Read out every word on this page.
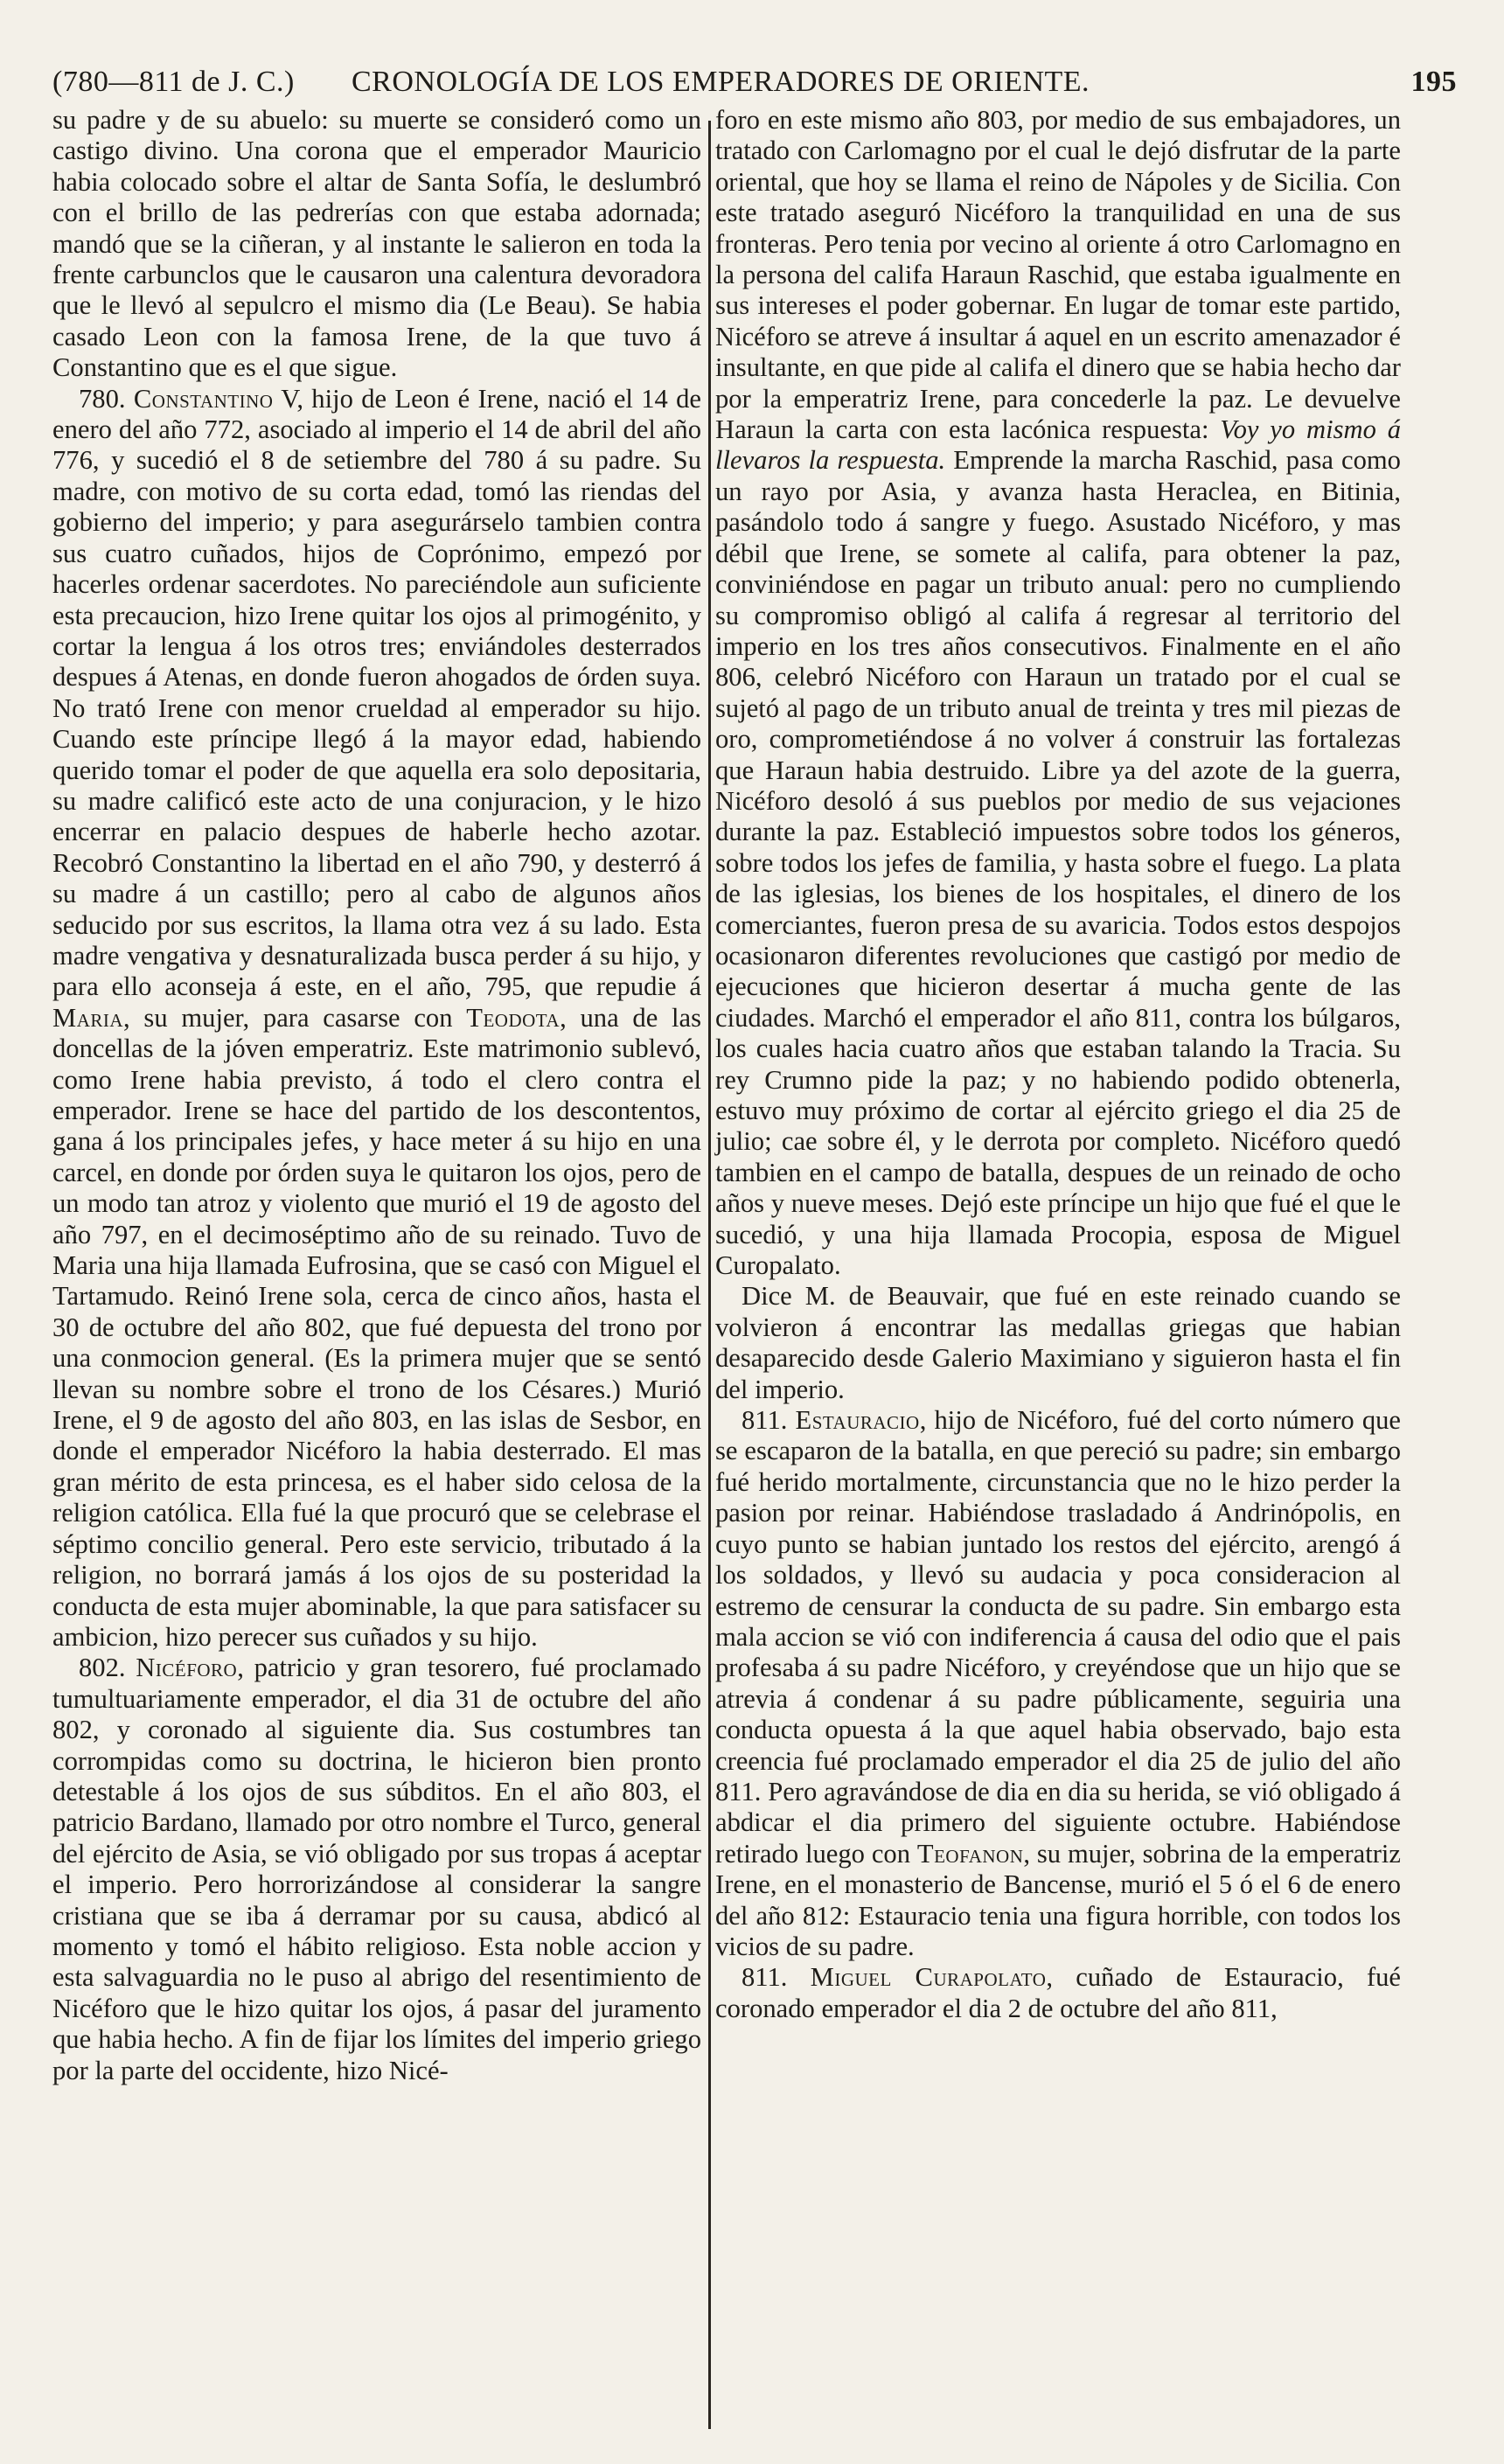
(780—811 de J. C.) CRONOLOGÍA DE LOS EMPERADORES DE ORIENTE.	195

su padre y de su abuelo: su muerte se consideró como un castigo divino. Una corona que el emperador Mauricio habia colocado sobre el altar de Santa Sofía, le deslumbró con el brillo de las pedrerías con que estaba adornada; mandó que se la ciñeran, y al instante le salieron en toda la frente carbunclos que le causaron una calentura devoradora que le llevó al sepulcro el mismo dia (Le Beau). Se habia casado Leon con la famosa Irene, de la que tuvo á Constantino que es el que sigue.

780. Constantino V, hijo de Leon é Irene, nació el 14 de enero del año 772, asociado al imperio el 14 de abril del año 776, y sucedió el 8 de setiembre del 780 á su padre. Su madre, con motivo de su corta edad, tomó las riendas del gobierno del imperio; y para asegurárselo tambien contra sus cuatro cuñados, hijos de Coprónimo, empezó por hacerles ordenar sacerdotes. No pareciéndole aun suficiente esta precaucion, hizo Irene quitar los ojos al primogénito, y cortar la lengua á los otros tres; enviándoles desterrados despues á Atenas, en donde fueron ahogados de órden suya. No trató Irene con menor crueldad al emperador su hijo. Cuando este príncipe llegó á la mayor edad, habiendo querido tomar el poder de que aquella era solo depositaria, su madre calificó este acto de una conjuracion, y le hizo encerrar en palacio despues de haberle hecho azotar. Recobró Constantino la libertad en el año 790, y desterró á su madre á un castillo; pero al cabo de algunos años seducido por sus escritos, la llama otra vez á su lado. Esta madre vengativa y desnaturalizada busca perder á su hijo, y para ello aconseja á este, en el año, 795, que repudie á Maria, su mujer, para casarse con Teodota, una de las doncellas de la jóven emperatriz. Este matrimonio sublevó, como Irene habia previsto, á todo el clero contra el emperador. Irene se hace del partido de los descontentos, gana á los principales jefes, y hace meter á su hijo en una carcel, en donde por órden suya le quitaron los ojos, pero de un modo tan atroz y violento que murió el 19 de agosto del año 797, en el decimoséptimo año de su reinado. Tuvo de Maria una hija llamada Eufrosina, que se casó con Miguel el Tartamudo. Reinó Irene sola, cerca de cinco años, hasta el 30 de octubre del año 802, que fué depuesta del trono por una conmocion general. (Es la primera mujer que se sentó llevan su nombre sobre el trono de los Césares.) Murió Irene, el 9 de agosto del año 803, en las islas de Sesbor, en donde el emperador Nicéforo la habia desterrado. El mas gran mérito de esta princesa, es el haber sido celosa de la religion católica. Ella fué la que procuró que se celebrase el séptimo concilio general. Pero este servicio, tributado á la religion, no borrará jamás á los ojos de su posteridad la conducta de esta mujer abominable, la que para satisfacer su ambicion, hizo perecer sus cuñados y su hijo.

802. Nicéforo, patricio y gran tesorero, fué proclamado tumultuariamente emperador, el dia 31 de octubre del año 802, y coronado al siguiente dia. Sus costumbres tan corrompidas como su doctrina, le hicieron bien pronto detestable á los ojos de sus súbditos. En el año 803, el patricio Bardano, llamado por otro nombre el Turco, general del ejército de Asia, se vió obligado por sus tropas á aceptar el imperio. Pero horrorizándose al considerar la sangre cristiana que se iba á derramar por su causa, abdicó al momento y tomó el hábito religioso. Esta noble accion y esta salvaguardia no le puso al abrigo del resentimiento de Nicéforo que le hizo quitar los ojos, á pasar del juramento que habia hecho. A fin de fijar los límites del imperio griego por la parte del occidente, hizo Nicé-

foro en este mismo año 803, por medio de sus embajadores, un tratado con Carlomagno por el cual le dejó disfrutar de la parte oriental, que hoy se llama el reino de Nápoles y de Sicilia. Con este tratado aseguró Nicéforo la tranquilidad en una de sus fronteras. Pero tenia por vecino al oriente á otro Carlomagno en la persona del califa Haraun Raschid, que estaba igualmente en sus intereses el poder gobernar. En lugar de tomar este partido, Nicéforo se atreve á insultar á aquel en un escrito amenazador é insultante, en que pide al califa el dinero que se habia hecho dar por la emperatriz Irene, para concederle la paz. Le devuelve Haraun la carta con esta lacónica respuesta: Voy yo mismo á llevaros la respuesta. Emprende la marcha Raschid, pasa como un rayo por Asia, y avanza hasta Heraclea, en Bitinia, pasándolo todo á sangre y fuego. Asustado Nicéforo, y mas débil que Irene, se somete al califa, para obtener la paz, conviniéndose en pagar un tributo anual: pero no cumpliendo su compromiso obligó al califa á regresar al territorio del imperio en los tres años consecutivos. Finalmente en el año 806, celebró Nicéforo con Haraun un tratado por el cual se sujetó al pago de un tributo anual de treinta y tres mil piezas de oro, comprometiéndose á no volver á construir las fortalezas que Haraun habia destruido. Libre ya del azote de la guerra, Nicéforo desoló á sus pueblos por medio de sus vejaciones durante la paz. Estableció impuestos sobre todos los géneros, sobre todos los jefes de familia, y hasta sobre el fuego. La plata de las iglesias, los bienes de los hospitales, el dinero de los comerciantes, fueron presa de su avaricia. Todos estos despojos ocasionaron diferentes revoluciones que castigó por medio de ejecuciones que hicieron desertar á mucha gente de las ciudades. Marchó el emperador el año 811, contra los búlgaros, los cuales hacia cuatro años que estaban talando la Tracia. Su rey Crumno pide la paz; y no habiendo podido obtenerla, estuvo muy próximo de cortar al ejército griego el dia 25 de julio; cae sobre él, y le derrota por completo. Nicéforo quedó tambien en el campo de batalla, despues de un reinado de ocho años y nueve meses. Dejó este príncipe un hijo que fué el que le sucedió, y una hija llamada Procopia, esposa de Miguel Curopalato.

Dice M. de Beauvair, que fué en este reinado cuando se volvieron á encontrar las medallas griegas que habian desaparecido desde Galerio Maximiano y siguieron hasta el fin del imperio.

811. Estauracio, hijo de Nicéforo, fué del corto número que se escaparon de la batalla, en que pereció su padre; sin embargo fué herido mortalmente, circunstancia que no le hizo perder la pasion por reinar. Habiéndose trasladado á Andrinópolis, en cuyo punto se habian juntado los restos del ejército, arengó á los soldados, y llevó su audacia y poca consideracion al estremo de censurar la conducta de su padre. Sin embargo esta mala accion se vió con indiferencia á causa del odio que el pais profesaba á su padre Nicéforo, y creyéndose que un hijo que se atrevia á condenar á su padre públicamente, seguiria una conducta opuesta á la que aquel habia observado, bajo esta creencia fué proclamado emperador el dia 25 de julio del año 811. Pero agravándose de dia en dia su herida, se vió obligado á abdicar el dia primero del siguiente octubre. Habiéndose retirado luego con Teofanon, su mujer, sobrina de la emperatriz Irene, en el monasterio de Bancense, murió el 5 ó el 6 de enero del año 812: Estauracio tenia una figura horrible, con todos los vicios de su padre.

811. Miguel Curapolato, cuñado de Estauracio, fué coronado emperador el dia 2 de octubre del año 811,
